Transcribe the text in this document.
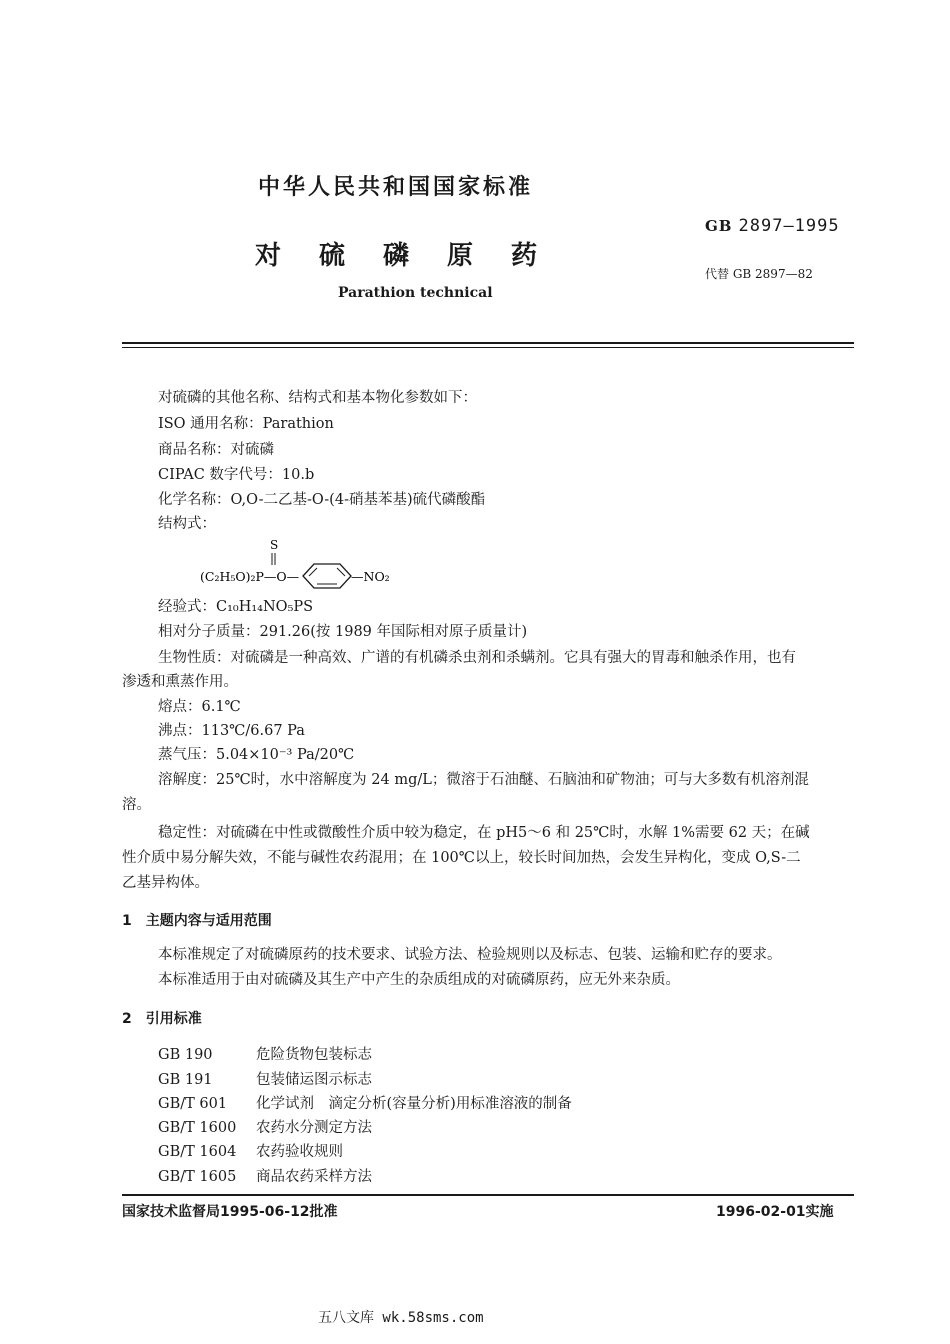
中华人民共和国国家标准
GB 2897—1995
对硫磷原药
代替 GB 2897—82
Parathion technical
对硫磷的其他名称、结构式和基本物化参数如下：
ISO 通用名称：Parathion
商品名称：对硫磷
CIPAC 数字代号：10.b
化学名称：O,O-二乙基-O-(4-硝基苯基)硫代磷酸酯
结构式：
S
(C₂H₅O)₂P—O—	—NO₂
经验式：C₁₀H₁₄NO₅PS
相对分子质量：291.26(按 1989 年国际相对原子质量计)
生物性质：对硫磷是一种高效、广谱的有机磷杀虫剂和杀螨剂。它具有强大的胃毒和触杀作用，也有
渗透和熏蒸作用。
熔点：6.1℃
沸点：113℃/6.67 Pa
蒸气压：5.04×10⁻³ Pa/20℃
溶解度：25℃时，水中溶解度为 24 mg/L；微溶于石油醚、石脑油和矿物油；可与大多数有机溶剂混
溶。
稳定性：对硫磷在中性或微酸性介质中较为稳定，在 pH5～6 和 25℃时，水解 1%需要 62 天；在碱
性介质中易分解失效，不能与碱性农药混用；在 100℃以上，较长时间加热，会发生异构化，变成 O,S-二
乙基异构体。
1　主题内容与适用范围
本标准规定了对硫磷原药的技术要求、试验方法、检验规则以及标志、包装、运输和贮存的要求。
本标准适用于由对硫磷及其生产中产生的杂质组成的对硫磷原药，应无外来杂质。
2　引用标准
GB 190	危险货物包装标志
GB 191	包装储运图示标志
GB/T 601 化学试剂　滴定分析(容量分析)用标准溶液的制备
GB/T 1600 农药水分测定方法
GB/T 1604 农药验收规则
GB/T 1605 商品农药采样方法
国家技术监督局1995-06-12批准	1996-02-01实施
五八文库 wk.58sms.com
